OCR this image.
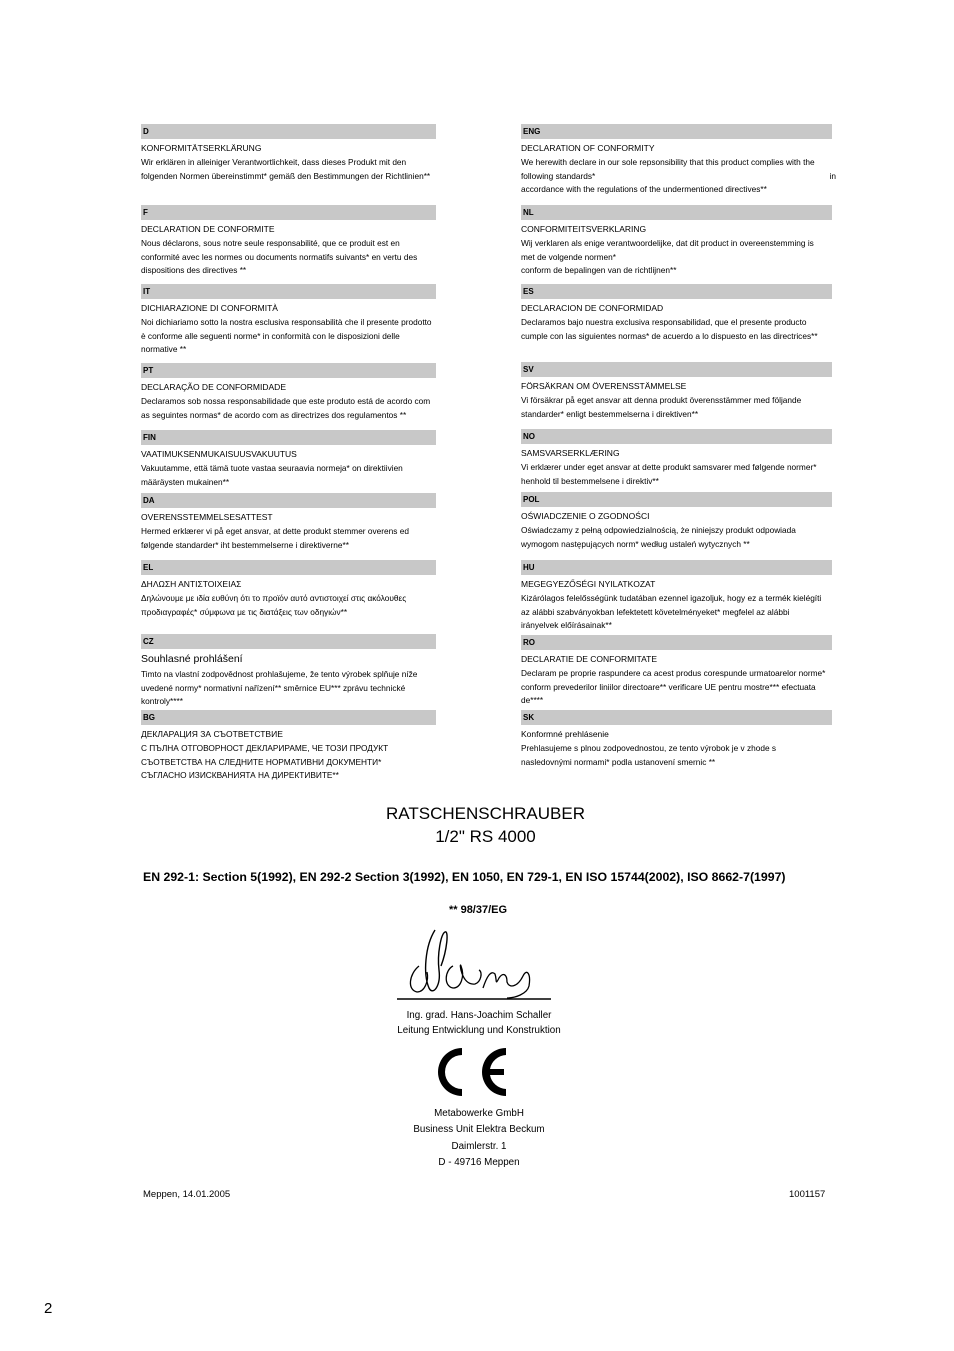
D
KONFORMITÄTSERKLÄRUNG
Wir erklären in alleiniger Verantwortlichkeit, dass dieses Produkt mit den
folgenden Normen übereinstimmt* gemäß den Bestimmungen der Richtlinien**
F
DECLARATION DE CONFORMITE
Nous déclarons, sous notre seule responsabilité, que ce produit est en
conformité avec les normes ou documents normatifs suivants* en vertu des
dispositions des directives **
IT
DICHIARAZIONE DI CONFORMITÀ
Noi dichiariamo sotto la nostra esclusiva responsabilità che il presente prodotto
è conforme alle seguenti norme* in conformità con le disposizioni delle
normative **
PT
DECLARAÇÃO DE CONFORMIDADE
Declaramos sob nossa responsabilidade que este produto está de acordo com
as seguintes normas* de acordo com as directrizes dos regulamentos **
FIN
VAATIMUKSENMUKAISUUSVAKUUTUS
Vakuutamme, että tämä tuote vastaa seuraavia normeja* on direktiivien
määräysten mukainen**
DA
OVERENSSTEMMELSESATTEST
Hermed erklærer vi på eget ansvar, at dette produkt stemmer overens ed
følgende standarder* iht bestemmelserne i direktiverne**
EL
ΔΗΛΩΣΗ ΑΝΤΙΣΤΟΙΧΕΙΑΣ
Δηλώνουμε με ιδία ευθύνη ότι το προϊόν αυτό αντιστοιχεί στις ακόλουθες
προδιαγραφές* σύμφωνα με τις διατάξεις των οδηγιών**
CZ
Souhlasné prohlášení
Timto na vlastní zodpovědnost prohlašujeme, že tento výrobek splňuje níže
uvedené normy* normativní nařízení** směrnice EU*** zprávu technické
kontroly****
BG
ДЕКЛАРАЦИЯ ЗА СЪОТВЕТСТВИЕ
С ПЪЛНА ОТГОВОРНОСТ ДЕКЛАРИРАМЕ, ЧЕ ТОЗИ ПРОДУКТ
СЪОТВЕТСТВА НА СЛЕДНИТЕ НОРМАТИВНИ ДОКУМЕНТИ*
СЪГЛАСНО ИЗИСКВАНИЯТА НА ДИРЕКТИВИТЕ**
ENG
DECLARATION OF CONFORMITY
We herewith declare in our sole repsonsibility that this product complies with the
following standards*	in
accordance with the regulations of the undermentioned directives**
NL
CONFORMITEITSVERKLARING
Wij verklaren als enige verantwoordelijke, dat dit product in overeenstemming is
met de volgende normen*
conform de bepalingen van de richtlijnen**
ES
DECLARACION DE CONFORMIDAD
Declaramos bajo nuestra exclusiva responsabilidad, que el presente producto
cumple con las siguientes normas* de acuerdo a lo dispuesto en las directrices**
SV
FÖRSÄKRAN OM ÖVERENSSTÄMMELSE
Vi försäkrar på eget ansvar att denna produkt överensstämmer med följande
standarder* enligt bestemmelserna i direktiven**
NO
SAMSVARSERKLÆRING
Vi erklærer under eget ansvar at dette produkt samsvarer med følgende normer*
henhold til bestemmelsene i direktiv**
POL
OŚWIADCZENIE O ZGODNOŚCI
Oświadczamy z pełną odpowiedzialnością, że niniejszy produkt odpowiada
wymogom następujących norm* według ustaleń wytycznych **
HU
MEGEGYEZŐSÉGI NYILATKOZAT
Kizárólagos felelősségünk tudatában ezennel igazoljuk, hogy ez a termék kielégíti
az alábbi szabványokban lefektetett követelményeket* megfelel az alábbi
irányelvek előírásainak**
RO
DECLARATIE DE CONFORMITATE
Declaram pe proprie raspundere ca acest produs corespunde urmatoarelor norme*
conform prevederilor liniilor directoare** verificare UE pentru mostre*** efectuata
de****
SK
Konformné prehlásenie
Prehlasujeme s plnou zodpovednostou, ze tento výrobok je v zhode s
nasledovnými normami* podla ustanovení smernic **
RATSCHENSCHRAUBER
1/2" RS 4000
EN 292-1: Section 5(1992), EN 292-2 Section 3(1992), EN 1050, EN 729-1, EN ISO 15744(2002), ISO 8662-7(1997)
** 98/37/EG
Ing. grad. Hans-Joachim Schaller
Leitung Entwicklung und Konstruktion
Metabowerke GmbH
Business Unit Elektra Beckum
Daimlerstr. 1
D - 49716 Meppen
Meppen, 14.01.2005	1001157
2
